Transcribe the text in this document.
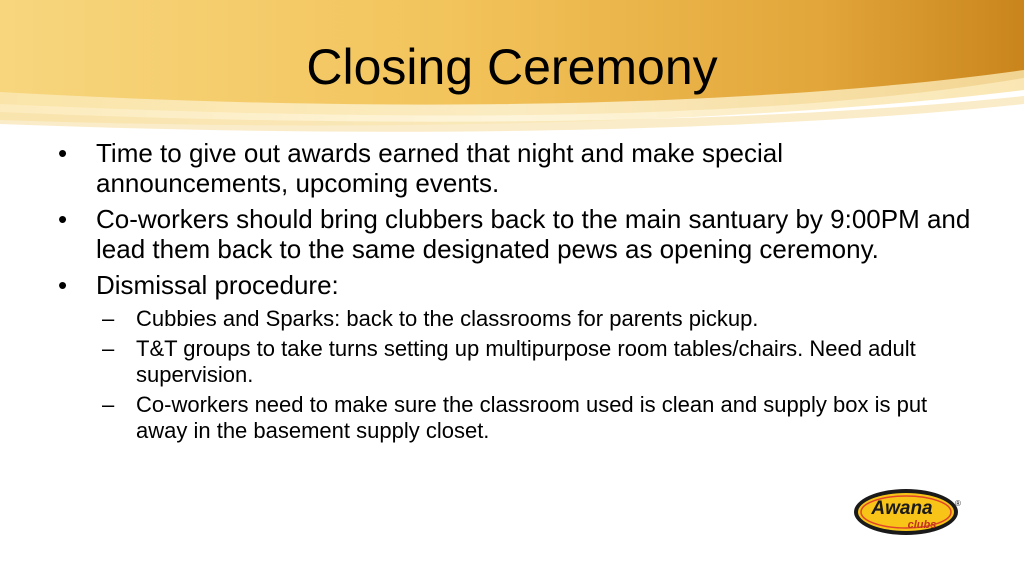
Closing Ceremony
•	Time to give out awards earned that night and make special announcements, upcoming events.
•	Co-workers should bring clubbers back to the main santuary by 9:00PM and lead them back to the same designated pews as opening ceremony.
•	Dismissal procedure:
– Cubbies and Sparks: back to the classrooms for parents pickup.
– T&T groups to take turns setting up multipurpose room tables/chairs. Need adult supervision.
– Co-workers need to make sure the classroom used is clean and supply box is put away in the basement supply closet.
Awana
clubs
®
